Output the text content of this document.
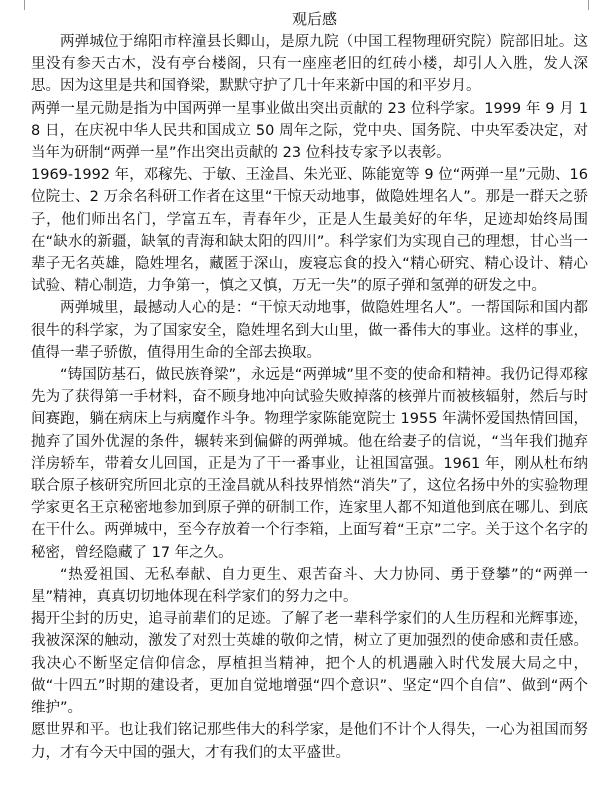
观后感

两弹城位于绵阳市梓潼县长卿山，是原九院（中国工程物理研究院）院部旧址。这里没有参天古木，没有亭台楼阁，只有一座座老旧的红砖小楼，却引人入胜，发人深思。因为这里是共和国脊梁，默默守护了几十年来新中国的和平岁月。

两弹一星元勋是指为中国两弹一星事业做出突出贡献的 23 位科学家。1999 年 9 月 18 日，在庆祝中华人民共和国成立 50 周年之际，党中央、国务院、中央军委决定，对当年为研制“两弹一星”作出突出贡献的 23 位科技专家予以表彰。

1969-1992 年，邓稼先、于敏、王淦昌、朱光亚、陈能宽等 9 位“两弹一星”元勋、16 位院士、2 万余名科研工作者在这里“干惊天动地事，做隐姓埋名人”。那是一群天之骄子，他们师出名门，学富五车，青春年少，正是人生最美好的年华，足迹却始终局围在“缺水的新疆，缺氧的青海和缺太阳的四川”。科学家们为实现自己的理想，甘心当一辈子无名英雄，隐姓埋名，藏匿于深山，废寝忘食的投入“精心研究、精心设计、精心试验、精心制造，力争第一，慎之又慎，万无一失”的原子弹和氢弹的研发之中。

两弹城里，最撼动人心的是：“干惊天动地事，做隐姓埋名人”。一帮国际和国内都很牛的科学家，为了国家安全，隐姓埋名到大山里，做一番伟大的事业。这样的事业，值得一辈子骄傲，值得用生命的全部去换取。

“铸国防基石，做民族脊梁”，永远是“两弹城”里不变的使命和精神。我仍记得邓稼先为了获得第一手材料，奋不顾身地冲向试验失败掉落的核弹片而被核辐射，然后与时间赛跑，躺在病床上与病魔作斗争。物理学家陈能宽院士 1955 年满怀爱国热情回国，抛弃了国外优渥的条件，辗转来到偏僻的两弹城。他在给妻子的信说，“当年我们抛弃洋房轿车，带着女儿回国，正是为了干一番事业，让祖国富强。1961 年，刚从杜布纳联合原子核研究所回北京的王淦昌就从科技界悄然“消失”了，这位名扬中外的实验物理学家更名王京秘密地参加到原子弹的研制工作，连家里人都不知道他到底在哪儿、到底在干什么。两弹城中，至今存放着一个行李箱，上面写着“王京”二字。关于这个名字的秘密，曾经隐藏了 17 年之久。

“热爱祖国、无私奉献、自力更生、艰苦奋斗、大力协同、勇于登攀”的“两弹一星”精神，真真切切地体现在科学家们的努力之中。

揭开尘封的历史，追寻前辈们的足迹。了解了老一辈科学家们的人生历程和光辉事迹，我被深深的触动，激发了对烈士英雄的敬仰之情，树立了更加强烈的使命感和责任感。我决心不断坚定信仰信念，厚植担当精神，把个人的机遇融入时代发展大局之中，做“十四五”时期的建设者，更加自觉地增强“四个意识”、坚定“四个自信”、做到“两个维护”。

愿世界和平。也让我们铭记那些伟大的科学家，是他们不计个人得失，一心为祖国而努力，才有今天中国的强大，才有我们的太平盛世。
